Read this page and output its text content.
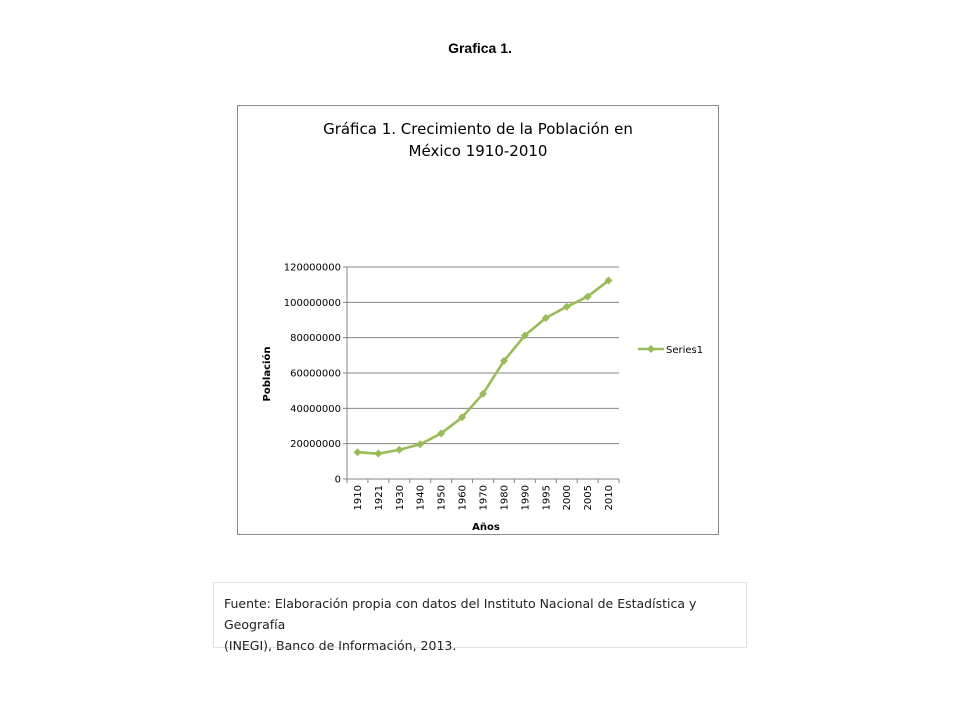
Grafica 1.
Gráfica 1. Crecimiento de la Población en
México 1910-2010
0
20000000
40000000
60000000
80000000
100000000
120000000
1910 1921 1930 1940 1950 1960 1970 1980 1990 1995 2000 2005 2010
Población
Años
Series1
Fuente: Elaboración propia con datos del Instituto Nacional de Estadística y Geografía
(INEGI), Banco de Información, 2013.
